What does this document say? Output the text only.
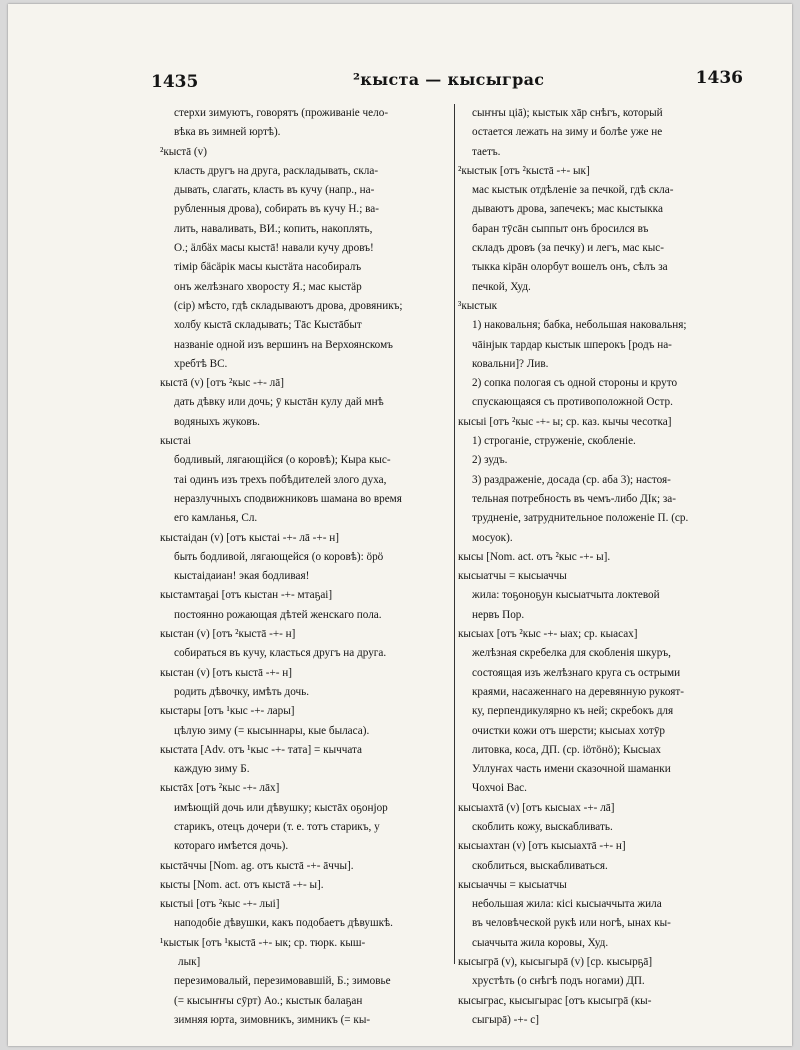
1435	²кыста — кысыграс	1436
стерхи зимуютъ, говорятъ (проживаніе чело-
вѣка въ зимней юртѣ).
²кыстā (v)
класть другъ на друга, раскладывать, скла-
дывать, слагать, класть въ кучу (напр., на-
рубленныя дрова), собирать въ кучу Н.; ва-
лить, наваливать, ВИ.; копить, накоплять,
О.; äлбäх масы кыстā! навали кучу дровъ!
тімір бäсäрік масы кыстäта насобиралъ
онъ желѣзнаго хворосту Я.; мас кыстäр
(сір) мѣсто, гдѣ складываютъ дрова, дровяникъ;
холбу кыстā складывать; Тāс Кыстāбыт
названіе одной изъ вершинъ на Верхоянскомъ
хребтѣ ВС.
кыстā (v) [отъ ²кыс -+- лā]
дать дѣвку или дочь; ӯ кыстāн кулу дай мнѣ
водяныхъ жуковъ.
кыстаі
бодливый, лягающійся (о коровѣ); Кыра кыс-
таі одинъ изъ трехъ побѣдителей злого духа,
неразлучныхъ сподвижниковъ шамана во время
его камланья, Сл.
кыстаідан (v) [отъ кыстаі -+- лā -+- н]
быть бодливой, лягающейся (о коровѣ): öрö
кыстаідаиан! экая бодливая!
кыстамтаҕаі [отъ кыстан -+- мтаҕаі]
постоянно рожающая дѣтей женскаго пола.
кыстан (v) [отъ ²кыстā -+- н]
собираться въ кучу, класться другъ на друга.
кыстан (v) [отъ кыстā -+- н]
родить дѣвочку, имѣть дочь.
кыстары [отъ ¹кыс -+- лары]
цѣлую зиму (= кысыннары, кые быласа).
кыстата [Adv. отъ ¹кыс -+- тата] = кыччата
каждую зиму Б.
кыстāх [отъ ²кыс -+- лāх]
имѣющій дочь или дѣвушку; кыстāх оҕонјор
старикъ, отецъ дочери (т. е. тотъ старикъ, у
котораго имѣется дочь).
кыстāччы [Nom. ag. отъ кыстā -+- āччы].
кысты [Nom. act. отъ кыстā -+- ы].
кыстыі [отъ ²кыс -+- лыі]
наподобіе дѣвушки, какъ подобаетъ дѣвушкѣ.
¹кыстык [отъ ¹кыстā -+- ык; ср. тюрк. кыш-
лык]
перезимовалый, перезимовавшій, Б.; зимовье
(= кысыҥҥы сӯрт) Ао.; кыстык балаҕан
зимняя юрта, зимовникъ, зимникъ (= кы-
сыҥҥы ціā); кыстык хāр снѣгъ, который
остается лежать на зиму и болѣе уже не
таетъ.
²кыстык [отъ ²кыстā -+- ык]
мас кыстык отдѣленіе за печкой, гдѣ скла-
дываютъ дрова, запечекъ; мас кыстыкка
баран тӯсāн сыппыт онъ бросился въ
складъ дровъ (за печку) и легъ, мас кыс-
тыкка кірāн олорбут вошелъ онъ, сѣлъ за
печкой, Худ.
³кыстык
1) наковальня; бабка, небольшая наковальня;
чāінјык тардар кыстык шперокъ [родъ на-
ковальни]? Лив.
2) сопка пологая съ одной стороны и круто
спускающаяся съ противоположной Остр.
кысыі [отъ ²кыс -+- ы; ср. каз. кычы чесотка]
1) строганіе, струженіе, скобленіе.
2) зудъ.
3) раздраженіе, досада (ср. аба 3); настоя-
тельная потребность въ чемъ-либо ДІк; за-
трудненіе, затруднительное положеніе П. (ср.
мосуок).
кысы [Nom. act. отъ ²кыс -+- ы].
кысыатчы = кысыаччы
жила: тоҕоноҕун кысыатчыта локтевой
нервъ Пор.
кысыах [отъ ²кыс -+- ыах; ср. кыасах]
желѣзная скребелка для скобленія шкуръ,
состоящая изъ желѣзнаго круга съ острыми
краями, насаженнаго на деревянную рукоят-
ку, перпендикулярно къ ней; скребокъ для
очистки кожи отъ шерсти; кысыах хотӯр
литовка, коса, ДП. (ср. іöтöнö); Кысыах
Уллуҥах часть имени сказочной шаманки
Чохчоі Вас.
кысыахтā (v) [отъ кысыах -+- лā]
скоблить кожу, выскабливать.
кысыахтан (v) [отъ кысыахтā -+- н]
скоблиться, выскабливаться.
кысыаччы = кысыатчы
небольшая жила: кісі кысыаччыта жила
въ человѣческой рукѣ или ногѣ, ынах кы-
сыаччыта жила коровы, Худ.
кысыгрā (v), кысыгырā (v) [ср. кысырҕā]
хрустѣть (о снѣгѣ подъ ногами) ДП.
кысыграс, кысыгырас [отъ кысыгрā (кы-
сыгырā) -+- с]
